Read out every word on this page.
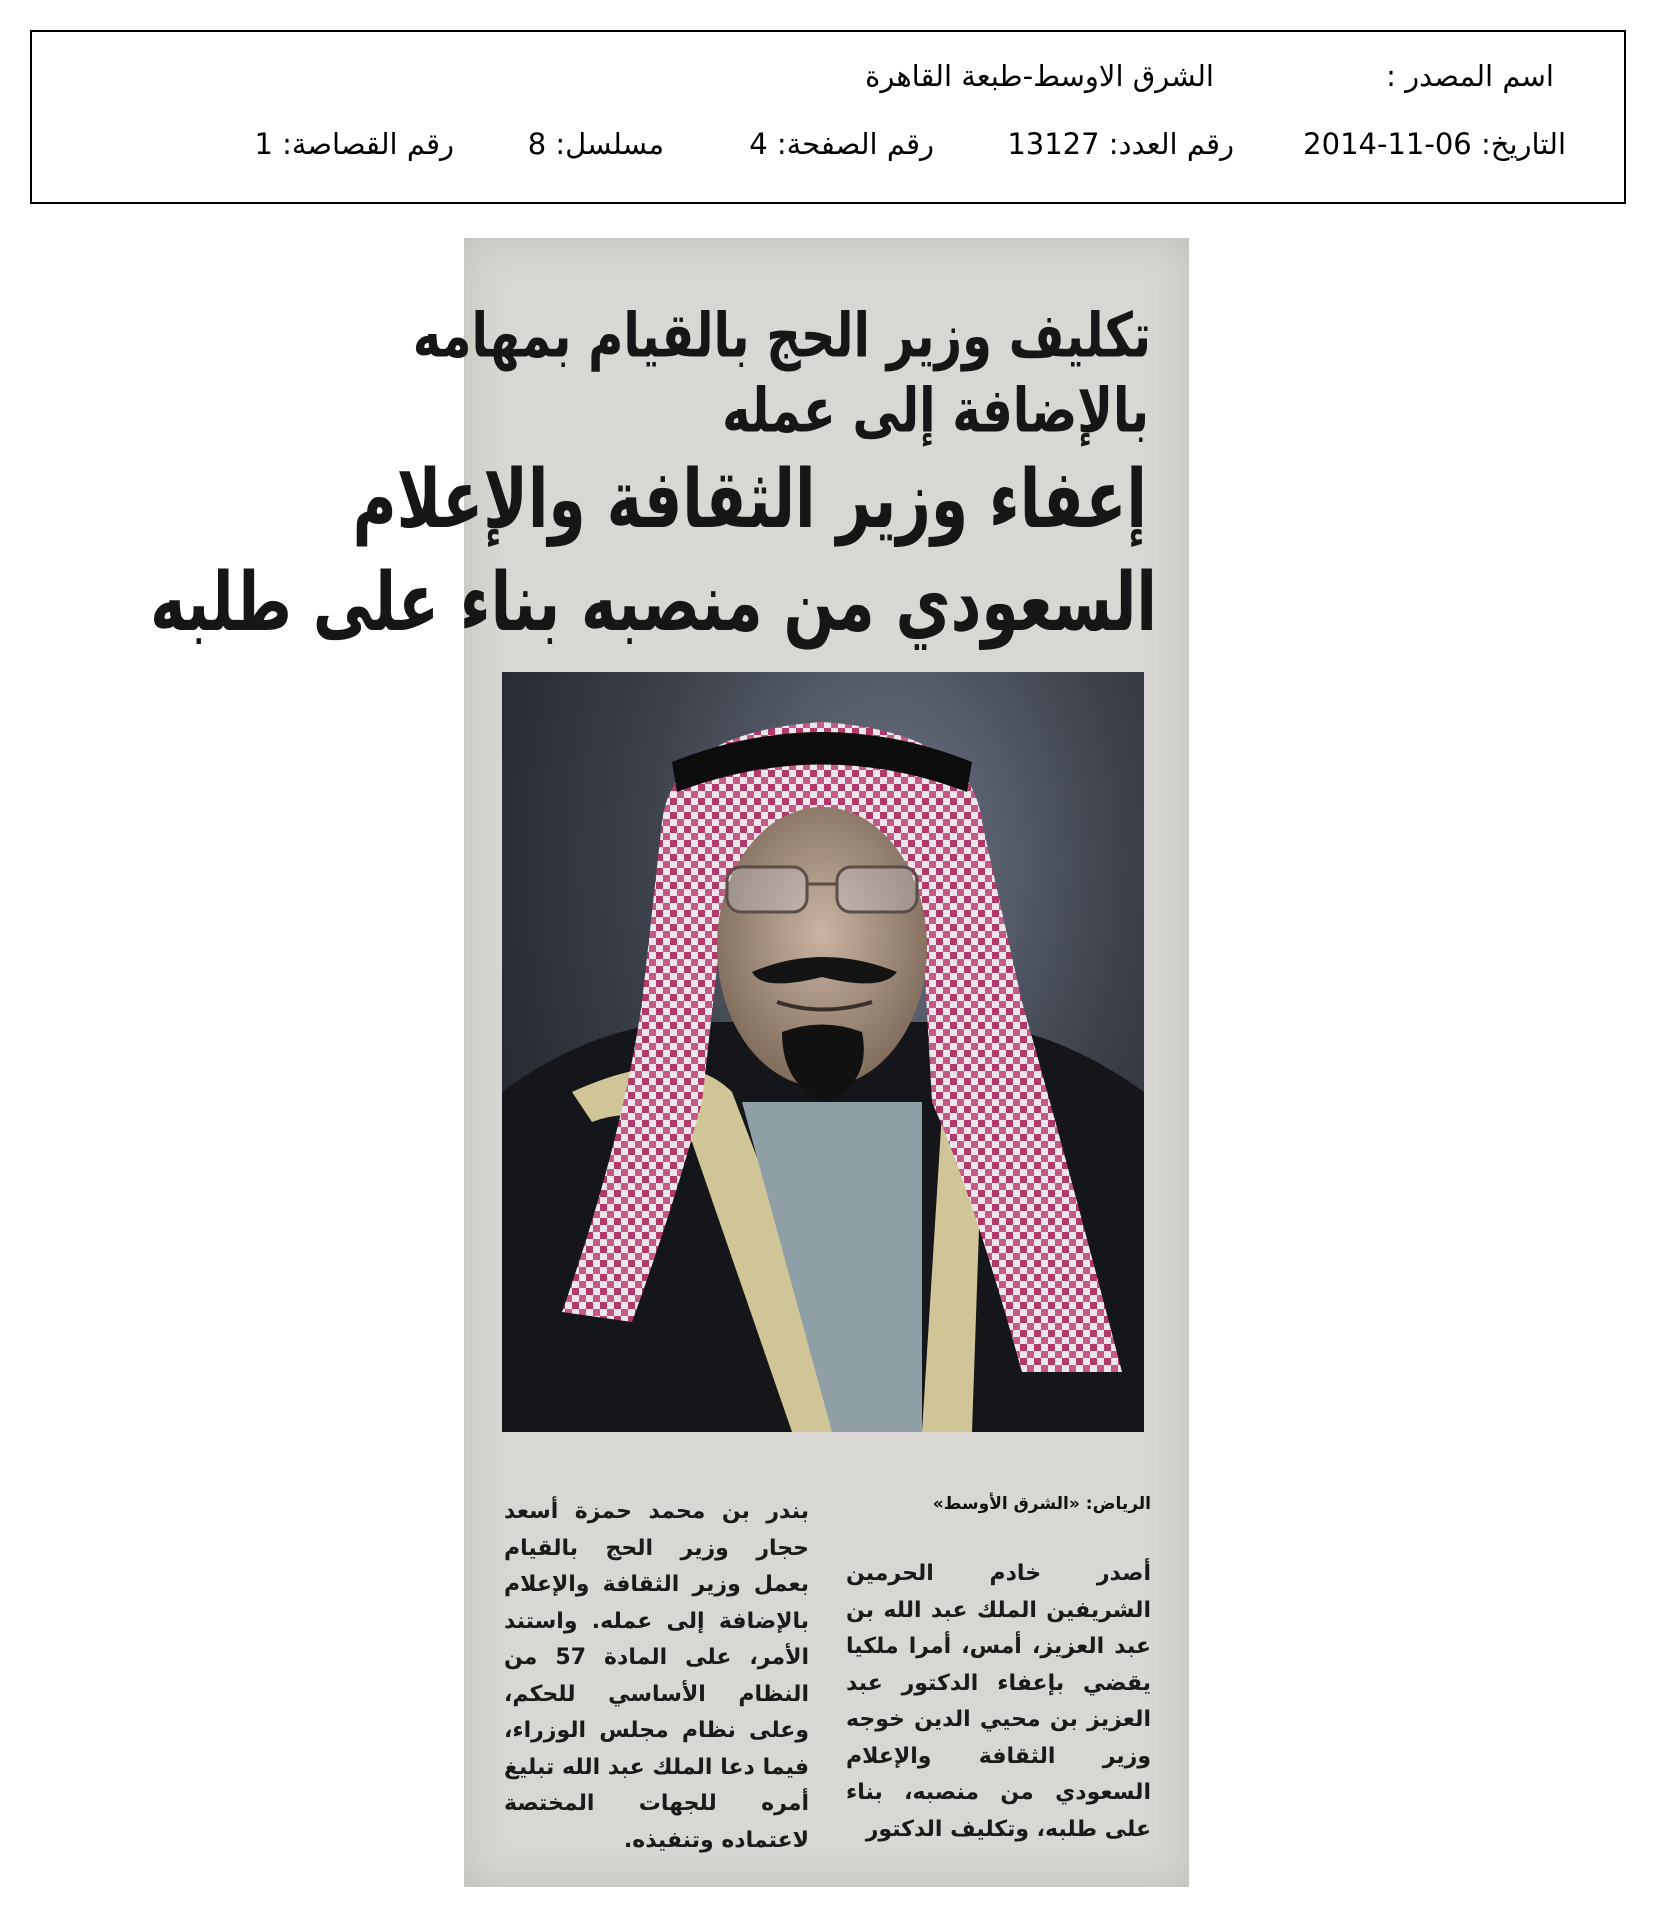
اسم المصدر :
الشرق الاوسط-طبعة القاهرة
التاريخ: 06-11-2014
رقم العدد: 13127
رقم الصفحة: 4
مسلسل: 8
رقم القصاصة: 1
تكليف وزير الحج بالقيام بمهامه
بالإضافة إلى عمله
إعفاء وزير الثقافة والإعلام
السعودي من منصبه بناء على طلبه
الرياض: «الشرق الأوسط»
أصدر خادم الحرمين الشريفين الملك عبد الله بن عبد العزيز، أمس، أمرا ملكيا يقضي بإعفاء الدكتور عبد العزيز بن محيي الدين خوجه وزير الثقافة والإعلام السعودي من منصبه، بناء على طلبه، وتكليف الدكتور
بندر بن محمد حمزة أسعد حجار وزير الحج بالقيام بعمل وزير الثقافة والإعلام بالإضافة إلى عمله. واستند الأمر، على المادة 57 من النظام الأساسي للحكم، وعلى نظام مجلس الوزراء، فيما دعا الملك عبد الله تبليغ أمره للجهات المختصة لاعتماده وتنفيذه.
